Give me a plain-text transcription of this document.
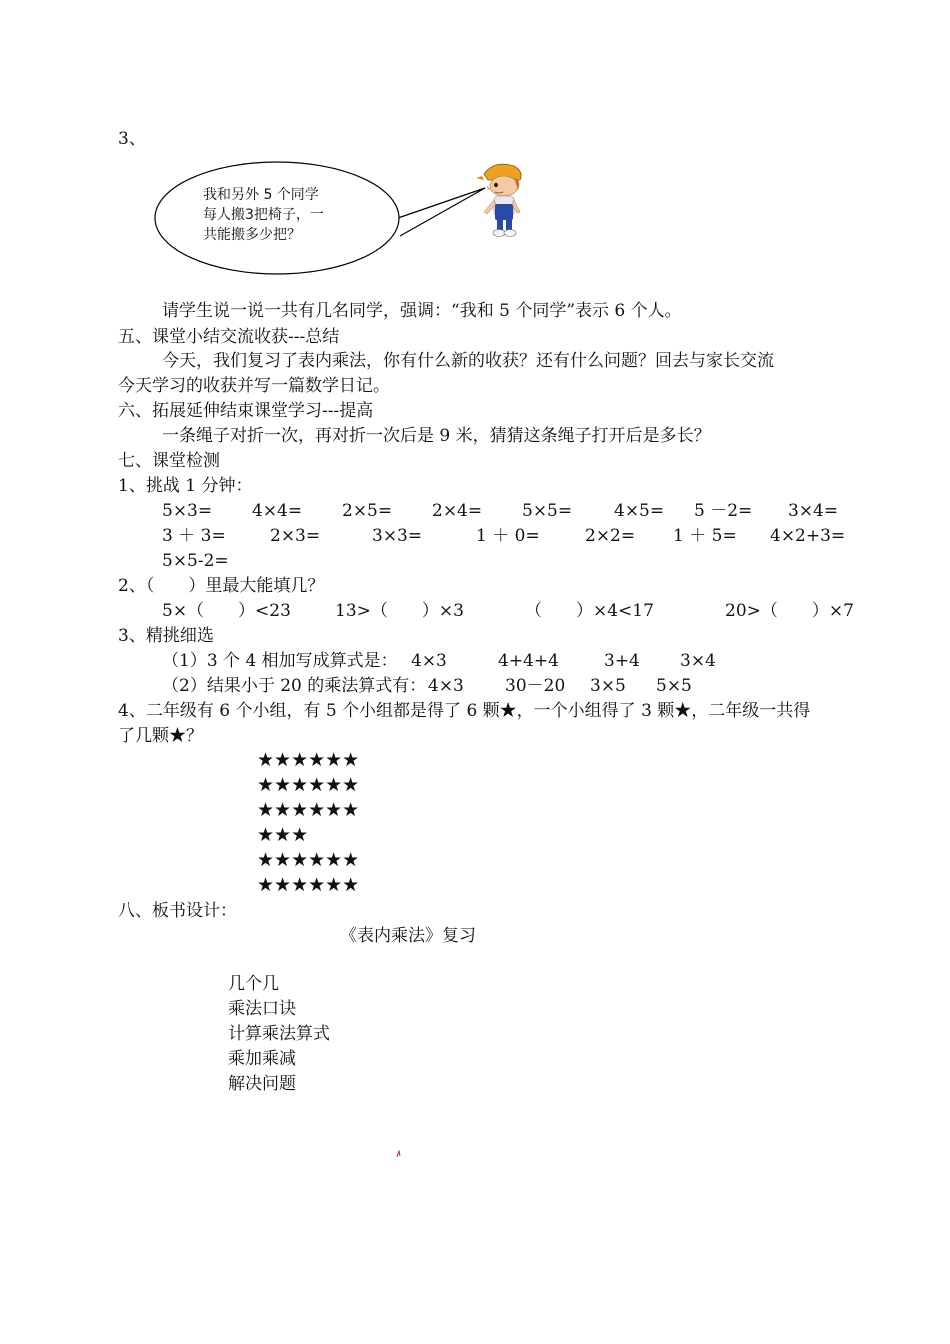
3、
我和另外 5 个同学
每人搬3把椅子，一
共能搬多少把？
请学生说一说一共有几名同学，强调：“我和 5 个同学”表示 6 个人。
五、课堂小结交流收获---总结
今天，我们复习了表内乘法，你有什么新的收获？还有什么问题？回去与家长交流
今天学习的收获并写一篇数学日记。
六、拓展延伸结束课堂学习---提高
一条绳子对折一次，再对折一次后是 9 米，猜猜这条绳子打开后是多长？
七、课堂检测
1、挑战 1 分钟：
5×3= 4×4= 2×5= 2×4= 5×5= 4×5= 5 －2= 3×4=
3 ＋ 3=	2×3=	3×3=	1 ＋ 0=	2×2= 1 ＋ 5= 4×2+3=
5×5-2=
2、（　　）里最大能填几？
5×（　　）<23	13>（　　）×3	（　　）×4<17	20>（　　）×7
3、精挑细选
（1）3 个 4 相加写成算式是： 4×3	4+4+4	3+4 3×4
（2）结果小于 20 的乘法算式有： 4×3 30－20 3×5 5×5
4、二年级有 6 个小组，有 5 个小组都是得了 6 颗★，一个小组得了 3 颗★，二年级一共得
了几颗★？
★★★★★★
★★★★★★
★★★★★★
★★★
★★★★★★
★★★★★★
八、板书设计：
《表内乘法》复习
几个几
乘法口诀
计算乘法算式
乘加乘减
解决问题
